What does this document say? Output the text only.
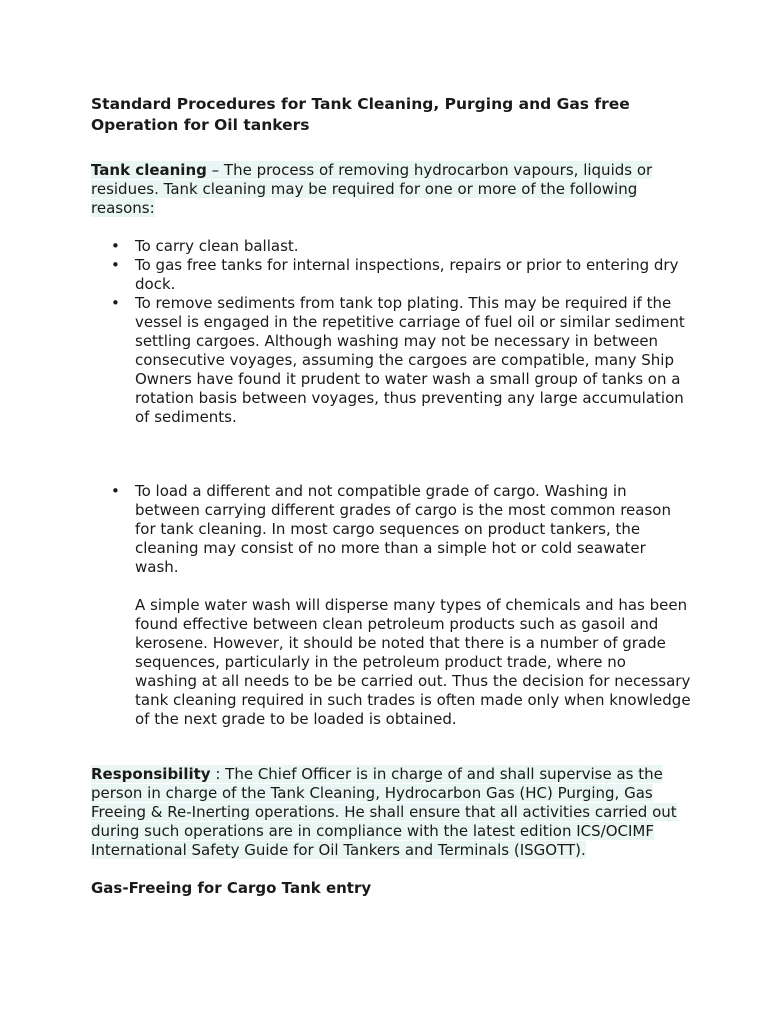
Standard Procedures for Tank Cleaning, Purging and Gas free Operation for Oil tankers

Tank cleaning – The process of removing hydrocarbon vapours, liquids or residues. Tank cleaning may be required for one or more of the following reasons:

• To carry clean ballast.
• To gas free tanks for internal inspections, repairs or prior to entering dry dock.
• To remove sediments from tank top plating. This may be required if the vessel is engaged in the repetitive carriage of fuel oil or similar sediment settling cargoes. Although washing may not be necessary in between consecutive voyages, assuming the cargoes are compatible, many Ship Owners have found it prudent to water wash a small group of tanks on a rotation basis between voyages, thus preventing any large accumulation of sediments.
• To load a different and not compatible grade of cargo. Washing in between carrying different grades of cargo is the most common reason for tank cleaning. In most cargo sequences on product tankers, the cleaning may consist of no more than a simple hot or cold seawater wash.

A simple water wash will disperse many types of chemicals and has been found effective between clean petroleum products such as gasoil and kerosene. However, it should be noted that there is a number of grade sequences, particularly in the petroleum product trade, where no washing at all needs to be be carried out. Thus the decision for necessary tank cleaning required in such trades is often made only when knowledge of the next grade to be loaded is obtained.

Responsibility : The Chief Officer is in charge of and shall supervise as the person in charge of the Tank Cleaning, Hydrocarbon Gas (HC) Purging, Gas Freeing & Re-Inerting operations. He shall ensure that all activities carried out during such operations are in compliance with the latest edition ICS/OCIMF International Safety Guide for Oil Tankers and Terminals (ISGOTT).

Gas-Freeing for Cargo Tank entry
